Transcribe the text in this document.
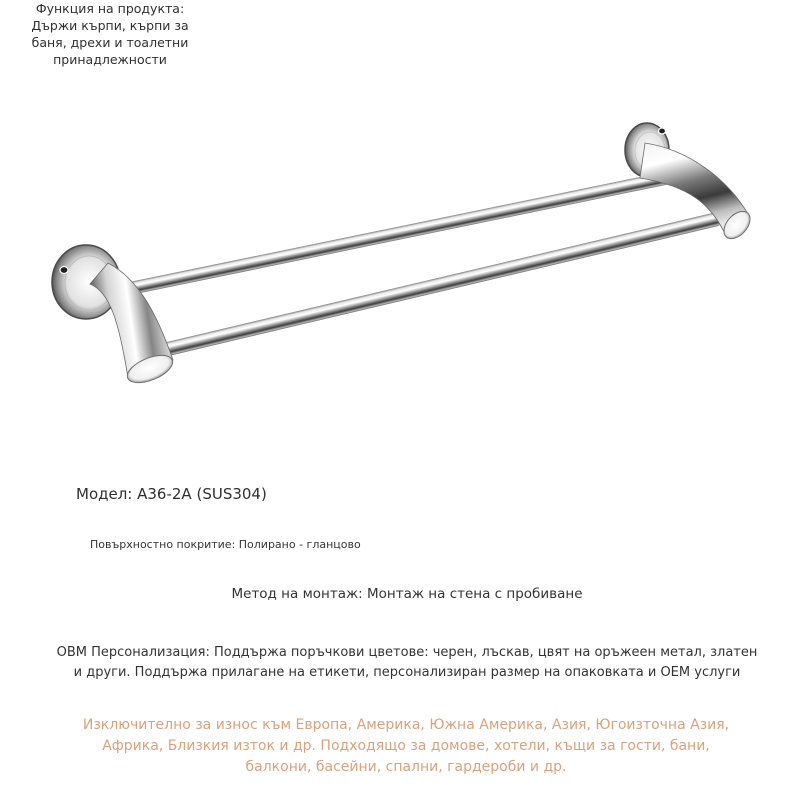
Модел: A36-2A (SUS304)
Функция на продукта:
Държи кърпи, кърпи за
баня, дрехи и тоалетни
принадлежности
Повърхностно покритие: Полирано - гланцово
Метод на монтаж: Монтаж на стена с пробиване
OBM Персонализация: Поддържа поръчкови цветове: черен, лъскав, цвят на оръжеен метал, златен
и други. Поддържа прилагане на етикети, персонализиран размер на опаковката и OEM услуги
Изключително за износ към Европа, Америка, Южна Америка, Азия, Югоизточна Азия,
Африка, Близкия изток и др. Подходящо за домове, хотели, къщи за гости, бани,
балкони, басейни, спални, гардероби и др.
